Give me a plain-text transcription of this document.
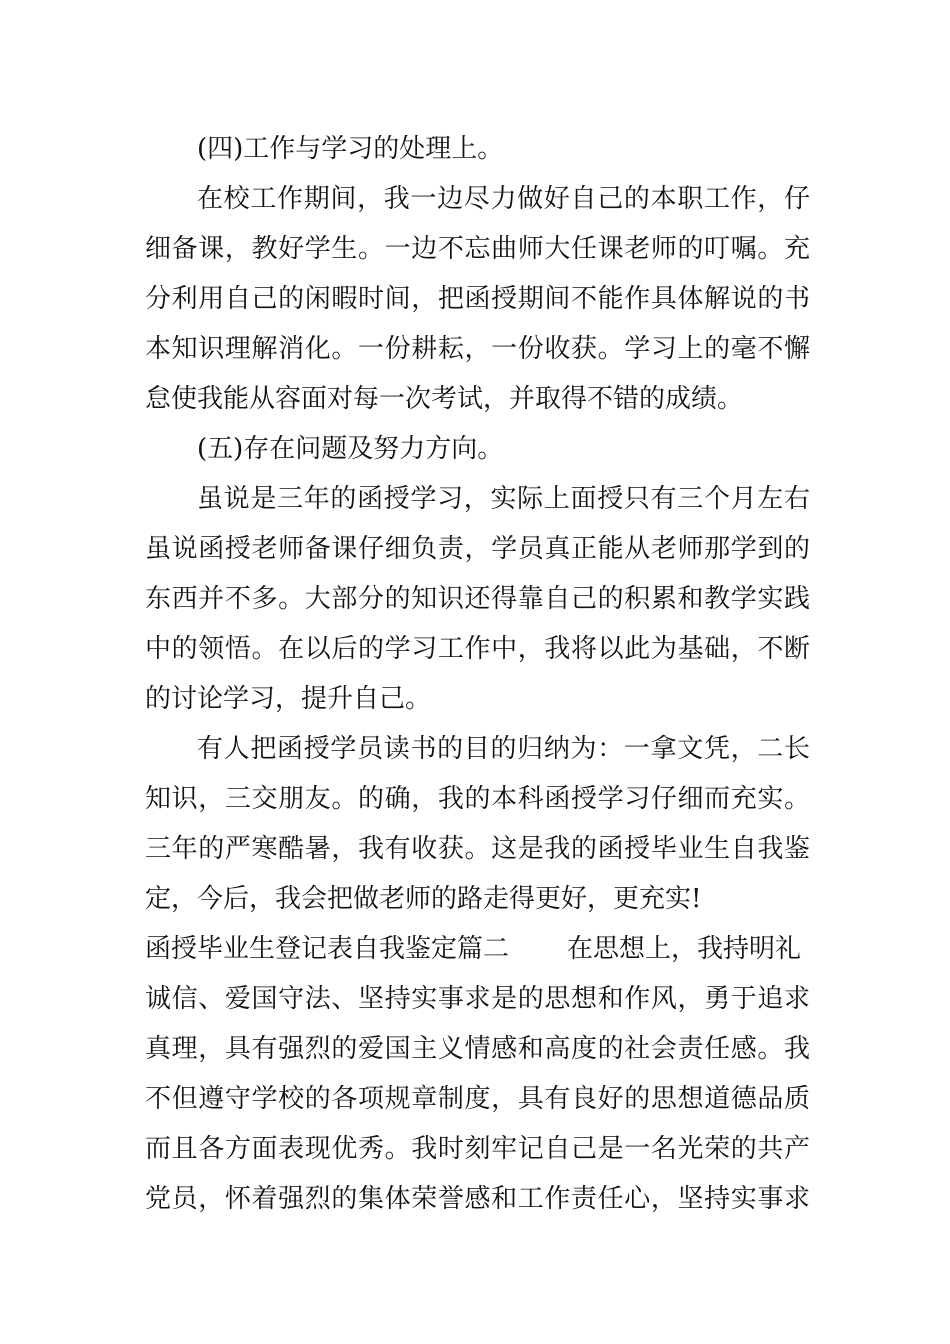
(四)工作与学习的处理上。
在校工作期间，我一边尽力做好自己的本职工作，仔
细备课，教好学生。一边不忘曲师大任课老师的叮嘱。充
分利用自己的闲暇时间，把函授期间不能作具体解说的书
本知识理解消化。一份耕耘，一份收获。学习上的毫不懈
怠使我能从容面对每一次考试，并取得不错的成绩。
(五)存在问题及努力方向。
虽说是三年的函授学习，实际上面授只有三个月左右
虽说函授老师备课仔细负责，学员真正能从老师那学到的
东西并不多。大部分的知识还得靠自己的积累和教学实践
中的领悟。在以后的学习工作中，我将以此为基础，不断
的讨论学习，提升自己。
有人把函授学员读书的目的归纳为：一拿文凭，二长
知识，三交朋友。的确，我的本科函授学习仔细而充实。
三年的严寒酷暑，我有收获。这是我的函授毕业生自我鉴
定，今后，我会把做老师的路走得更好，更充实!
函授毕业生登记表自我鉴定篇二 在思想上，我持明礼
诚信、爱国守法、坚持实事求是的思想和作风，勇于追求
真理，具有强烈的爱国主义情感和高度的社会责任感。我
不但遵守学校的各项规章制度，具有良好的思想道德品质
而且各方面表现优秀。我时刻牢记自己是一名光荣的共产
党员，怀着强烈的集体荣誉感和工作责任心，坚持实事求
